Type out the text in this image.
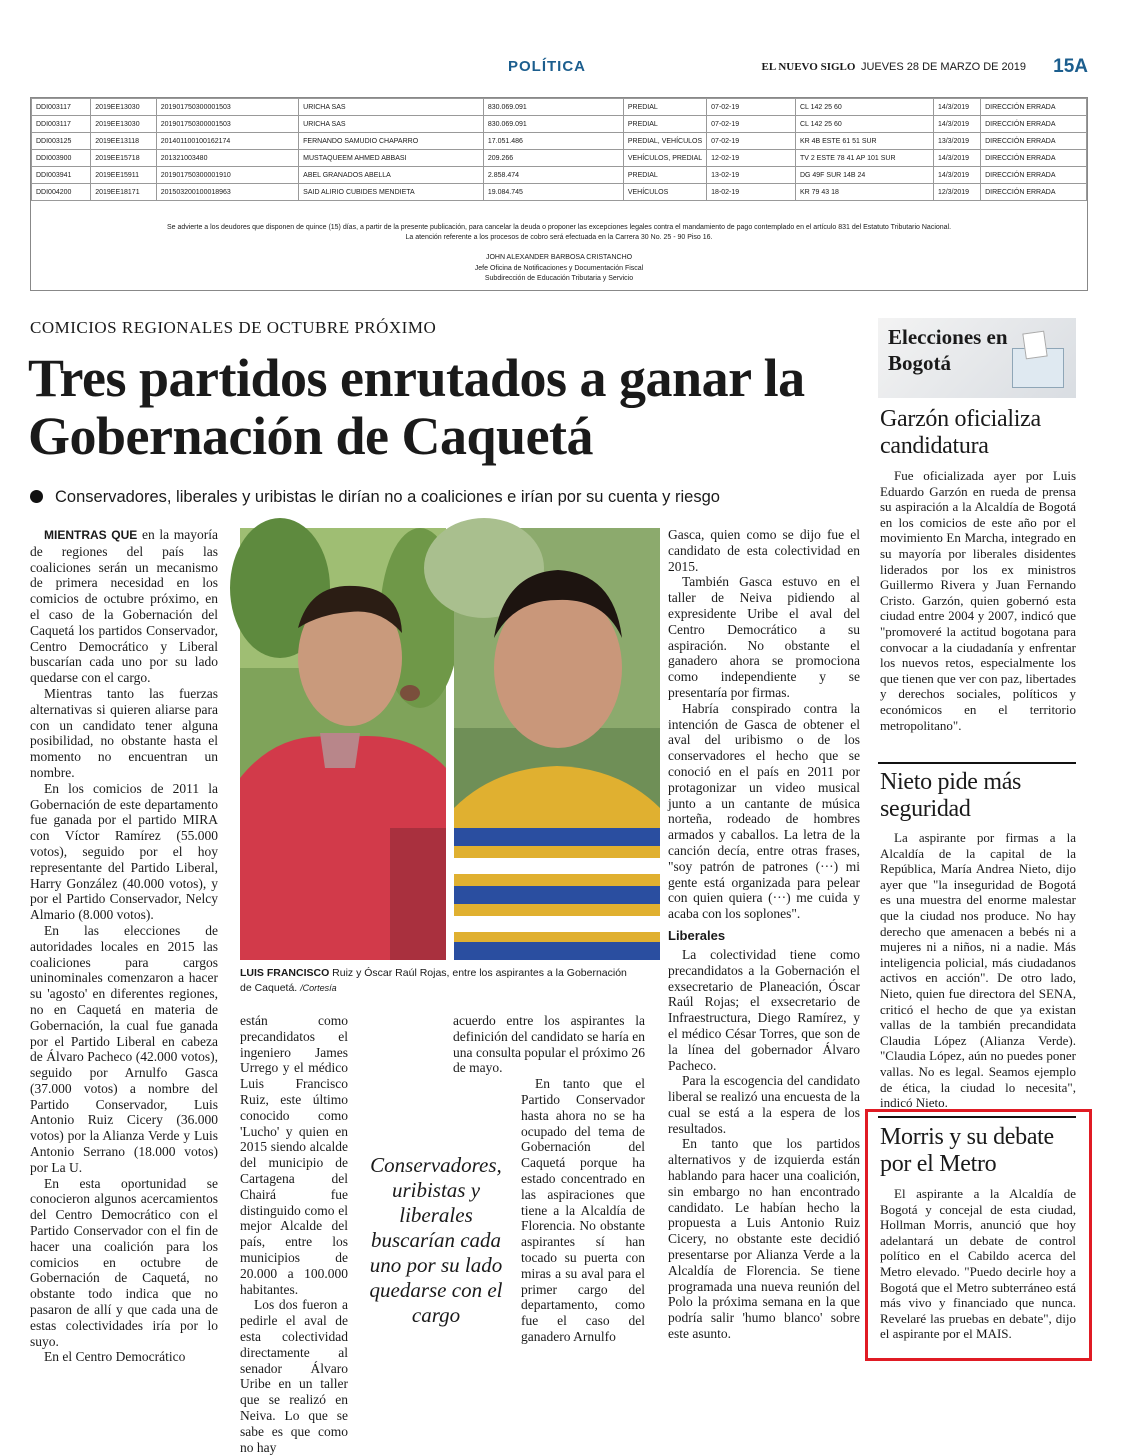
POLÍTICA	EL NUEVO SIGLO JUEVES 28 DE MARZO DE 2019 15A
DDI003117	2019EE13030	201901750300001503	URICHA SAS	830.069.091	PREDIAL	07-02-19	CL 142 25 60	14/3/2019	DIRECCIÓN ERRADA
DDI003117	2019EE13030	201901750300001503	URICHA SAS	830.069.091	PREDIAL	07-02-19	CL 142 25 60	14/3/2019	DIRECCIÓN ERRADA
DDI003125	2019EE13118	201401100100162174	FERNANDO SAMUDIO CHAPARRO	17.051.486	PREDIAL, VEHÍCULOS	07-02-19	KR 4B ESTE 61 51 SUR	13/3/2019	DIRECCIÓN ERRADA
DDI003900	2019EE15718	201321003480	MUSTAQUEEM AHMED ABBASI	209.266	VEHÍCULOS, PREDIAL	12-02-19	TV 2 ESTE 78 41 AP 101 SUR	14/3/2019	DIRECCIÓN ERRADA
DDI003941	2019EE15911	201901750300001910	ABEL GRANADOS ABELLA	2.858.474	PREDIAL	13-02-19	DG 49F SUR 14B 24	14/3/2019	DIRECCIÓN ERRADA
DDI004200	2019EE18171	201503200100018963	SAID ALIRIO CUBIDES MENDIETA	19.084.745	VEHÍCULOS	18-02-19	KR 79 43 18	12/3/2019	DIRECCIÓN ERRADA
Se advierte a los deudores que disponen de quince (15) días, a partir de la presente publicación, para cancelar la deuda o proponer las excepciones legales contra el mandamiento de pago contemplado en el artículo 831 del Estatuto Tributario Nacional.
La atención referente a los procesos de cobro será efectuada en la Carrera 30 No. 25 - 90 Piso 16.
JOHN ALEXANDER BARBOSA CRISTANCHO
Jefe Oficina de Notificaciones y Documentación Fiscal
Subdirección de Educación Tributaria y Servicio
COMICIOS REGIONALES DE OCTUBRE PRÓXIMO
Tres partidos enrutados a ganar la Gobernación de Caquetá
Conservadores, liberales y uribistas le dirían no a coaliciones e irían por su cuenta y riesgo

MIENTRAS QUE en la mayoría de regiones del país las coaliciones serán un mecanismo de primera necesidad en los comicios de octubre próximo, en el caso de la Gobernación del Caquetá los partidos Conservador, Centro Democrático y Liberal buscarían cada uno por su lado quedarse con el cargo.

Mientras tanto las fuerzas alternativas si quieren aliarse para con un candidato tener alguna posibilidad, no obstante hasta el momento no encuentran un nombre.

En los comicios de 2011 la Gobernación de este departamento fue ganada por el partido MIRA con Víctor Ramírez (55.000 votos), seguido por el hoy representante del Partido Liberal, Harry González (40.000 votos), y por el Partido Conservador, Nelcy Almario (8.000 votos).

En las elecciones de autoridades locales en 2015 las coaliciones para cargos uninominales comenzaron a hacer su 'agosto' en diferentes regiones, no en Caquetá en materia de Gobernación, la cual fue ganada por el Partido Liberal en cabeza de Álvaro Pacheco (42.000 votos), seguido por Arnulfo Gasca (37.000 votos) a nombre del Partido Conservador, Luis Antonio Ruiz Cicery (36.000 votos) por la Alianza Verde y Luis Antonio Serrano (18.000 votos) por La U.

En esta oportunidad se conocieron algunos acercamientos del Centro Democrático con el Partido Conservador con el fin de hacer una coalición para los comicios en octubre de Gobernación de Caquetá, no obstante todo indica que no pasaron de allí y que cada una de estas colectividades iría por lo suyo.

En el Centro Democrático

LUIS FRANCISCO Ruiz y Óscar Raúl Rojas, entre los aspirantes a la Gobernación de Caquetá. /Cortesía

están como precandidatos el ingeniero James Urrego y el médico Luis Francisco Ruiz, este último conocido como 'Lucho' y quien en 2015 siendo alcalde del municipio de Cartagena del Chairá fue distinguido como el mejor Alcalde del país, entre los municipios de 20.000 a 100.000 habitantes.

Los dos fueron a pedirle el aval de esta colectividad directamente al senador Álvaro Uribe en un taller que se realizó en Neiva. Lo que se sabe es que como no hay

acuerdo entre los aspirantes la definición del candidato se haría en una consulta popular el próximo 26 de mayo.

En tanto que el Partido Conservador hasta ahora no se ha ocupado del tema de Gobernación del Caquetá porque ha estado concentrado en las aspiraciones que tiene a la Alcaldía de Florencia. No obstante aspirantes sí han tocado su puerta con miras a su aval para el primer cargo del departamento, como fue el caso del ganadero Arnulfo

Conservadores, uribistas y liberales buscarían cada uno por su lado quedarse con el cargo

Gasca, quien como se dijo fue el candidato de esta colectividad en 2015.

También Gasca estuvo en el taller de Neiva pidiendo al expresidente Uribe el aval del Centro Democrático a su aspiración. No obstante el ganadero ahora se promociona como independiente y se presentaría por firmas.

Habría conspirado contra la intención de Gasca de obtener el aval del uribismo o de los conservadores el hecho que se conoció en el país en 2011 por protagonizar un video musical junto a un cantante de música norteña, rodeado de hombres armados y caballos. La letra de la canción decía, entre otras frases, "soy patrón de patrones (···) mi gente está organizada para pelear con quien quiera (···) me cuida y acaba con los soplones".

Liberales

La colectividad tiene como precandidatos a la Gobernación el exsecretario de Planeación, Óscar Raúl Rojas; el exsecretario de Infraestructura, Diego Ramírez, y el médico César Torres, que son de la línea del gobernador Álvaro Pacheco.

Para la escogencia del candidato liberal se realizó una encuesta de la cual se está a la espera de los resultados.

En tanto que los partidos alternativos y de izquierda están hablando para hacer una coalición, sin embargo no han encontrado candidato. Le habían hecho la propuesta a Luis Antonio Ruiz Cicery, no obstante este decidió presentarse por Alianza Verde a la Alcaldía de Florencia. Se tiene programada una nueva reunión del Polo la próxima semana en la que podría salir 'humo blanco' sobre este asunto.

Elecciones en Bogotá
Garzón oficializa candidatura

Fue oficializada ayer por Luis Eduardo Garzón en rueda de prensa su aspiración a la Alcaldía de Bogotá en los comicios de este año por el movimiento En Marcha, integrado en su mayoría por liberales disidentes liderados por los ex ministros Guillermo Rivera y Juan Fernando Cristo. Garzón, quien gobernó esta ciudad entre 2004 y 2007, indicó que "promoveré la actitud bogotana para convocar a la ciudadanía y enfrentar los nuevos retos, especialmente los que tienen que ver con paz, libertades y derechos sociales, políticos y económicos en el territorio metropolitano".

Nieto pide más seguridad

La aspirante por firmas a la Alcaldía de la capital de la República, María Andrea Nieto, dijo ayer que "la inseguridad de Bogotá es una muestra del enorme malestar que la ciudad nos produce. No hay derecho que amenacen a bebés ni a mujeres ni a niños, ni a nadie. Más inteligencia policial, más ciudadanos activos en acción". De otro lado, Nieto, quien fue directora del SENA, criticó el hecho de que ya existan vallas de la también precandidata Claudia López (Alianza Verde). "Claudia López, aún no puedes poner vallas. No es legal. Seamos ejemplo de ética, la ciudad lo necesita", indicó Nieto.

Morris y su debate por el Metro

El aspirante a la Alcaldía de Bogotá y concejal de esta ciudad, Hollman Morris, anunció que hoy adelantará un debate de control político en el Cabildo acerca del Metro elevado. "Puedo decirle hoy a Bogotá que el Metro subterráneo está más vivo y financiado que nunca. Revelaré las pruebas en debate", dijo el aspirante por el MAIS.
